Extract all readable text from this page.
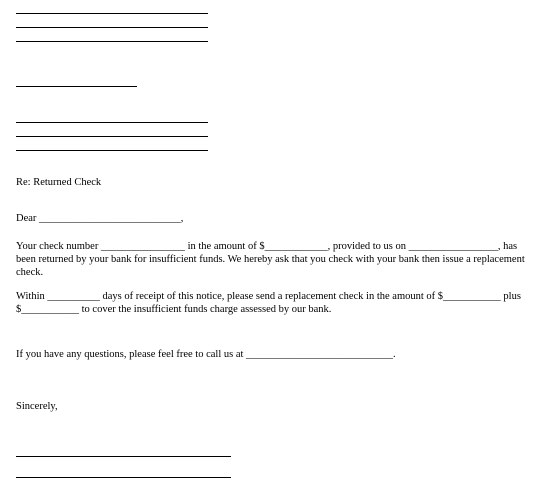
Re: Returned Check
Dear ___________________________,
Your check number ________________ in the amount of $____________, provided to us on _________________, has been returned by your bank for insufficient funds. We hereby ask that you check with your bank then issue a replacement check.
Within __________ days of receipt of this notice, please send a replacement check in the amount of $___________ plus $___________ to cover the insufficient funds charge assessed by our bank.
If you have any questions, please feel free to call us at ____________________________.
Sincerely,
